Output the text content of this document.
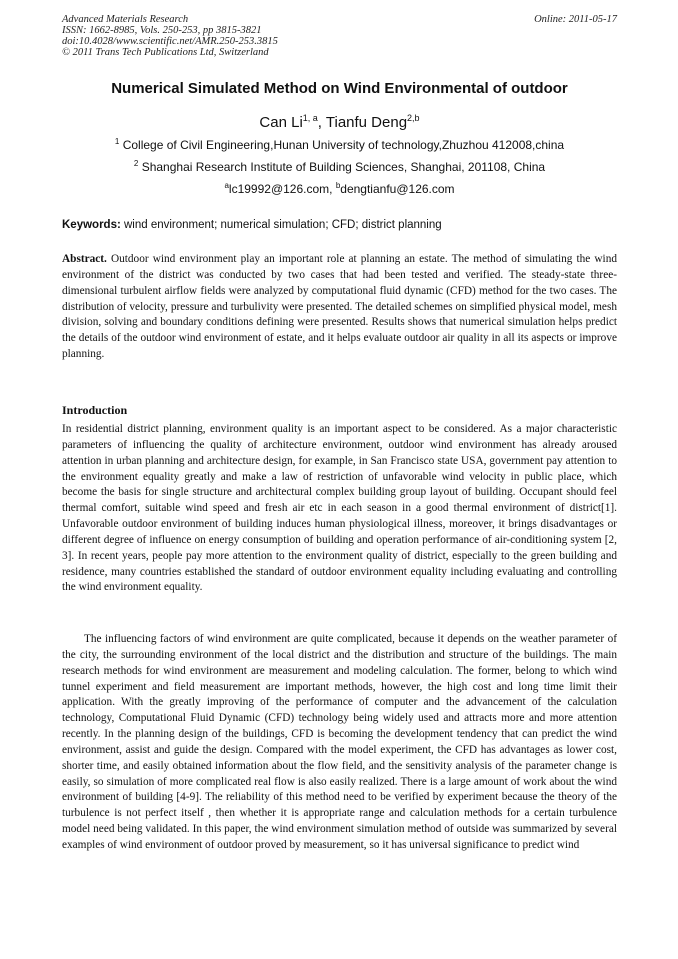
Advanced Materials Research
ISSN: 1662-8985, Vols. 250-253, pp 3815-3821
doi:10.4028/www.scientific.net/AMR.250-253.3815
© 2011 Trans Tech Publications Ltd, Switzerland
Online: 2011-05-17
Numerical Simulated Method on Wind Environmental of outdoor
Can Li$^{1, a}$, Tianfu Deng$^{2,b}$
$^1$ College of Civil Engineering,Hunan University of technology,Zhuzhou 412008,china
$^2$ Shanghai Research Institute of Building Sciences, Shanghai, 201108, China
$^a$lc19992@126.com, $^b$dengtianfu@126.com
Keywords: wind environment; numerical simulation; CFD; district planning
Abstract. Outdoor wind environment play an important role at planning an estate. The method of simulating the wind environment of the district was conducted by two cases that had been tested and verified. The steady-state three-dimensional turbulent airflow fields were analyzed by computational fluid dynamic (CFD) method for the two cases. The distribution of velocity, pressure and turbulivity were presented. The detailed schemes on simplified physical model, mesh division, solving and boundary conditions defining were presented. Results shows that numerical simulation helps predict the details of the outdoor wind environment of estate, and it helps evaluate outdoor air quality in all its aspects or improve planning.
Introduction

In residential district planning, environment quality is an important aspect to be considered. As a major characteristic parameters of influencing the quality of architecture environment, outdoor wind environment has already aroused attention in urban planning and architecture design, for example, in San Francisco state USA, government pay attention to the environment equality greatly and make a law of restriction of unfavorable wind velocity in public place, which become the basis for single structure and architectural complex building group layout of building. Occupant should feel thermal comfort, suitable wind speed and fresh air etc in each season in a good thermal environment of district[1]. Unfavorable outdoor environment of building induces human physiological illness, moreover, it brings disadvantages or different degree of influence on energy consumption of building and operation performance of air-conditioning system [2, 3]. In recent years, people pay more attention to the environment quality of district, especially to the green building and residence, many countries established the standard of outdoor environment equality including evaluating and controlling the wind environment equality.

The influencing factors of wind environment are quite complicated, because it depends on the weather parameter of the city, the surrounding environment of the local district and the distribution and structure of the buildings. The main research methods for wind environment are measurement and modeling calculation. The former, belong to which wind tunnel experiment and field measurement are important methods, however, the high cost and long time limit their application. With the greatly improving of the performance of computer and the advancement of the calculation technology, Computational Fluid Dynamic (CFD) technology being widely used and attracts more and more attention recently. In the planning design of the buildings, CFD is becoming the development tendency that can predict the wind environment, assist and guide the design. Compared with the model experiment, the CFD has advantages as lower cost, shorter time, and easily obtained information about the flow field, and the sensitivity analysis of the parameter change is easily, so simulation of more complicated real flow is also easily realized. There is a large amount of work about the wind environment of building [4-9]. The reliability of this method need to be verified by experiment because the theory of the turbulence is not perfect itself , then whether it is appropriate range and calculation methods for a certain turbulence model need being validated. In this paper, the wind environment simulation method of outside was summarized by several examples of wind environment of outdoor proved by measurement, so it has universal significance to predict wind
